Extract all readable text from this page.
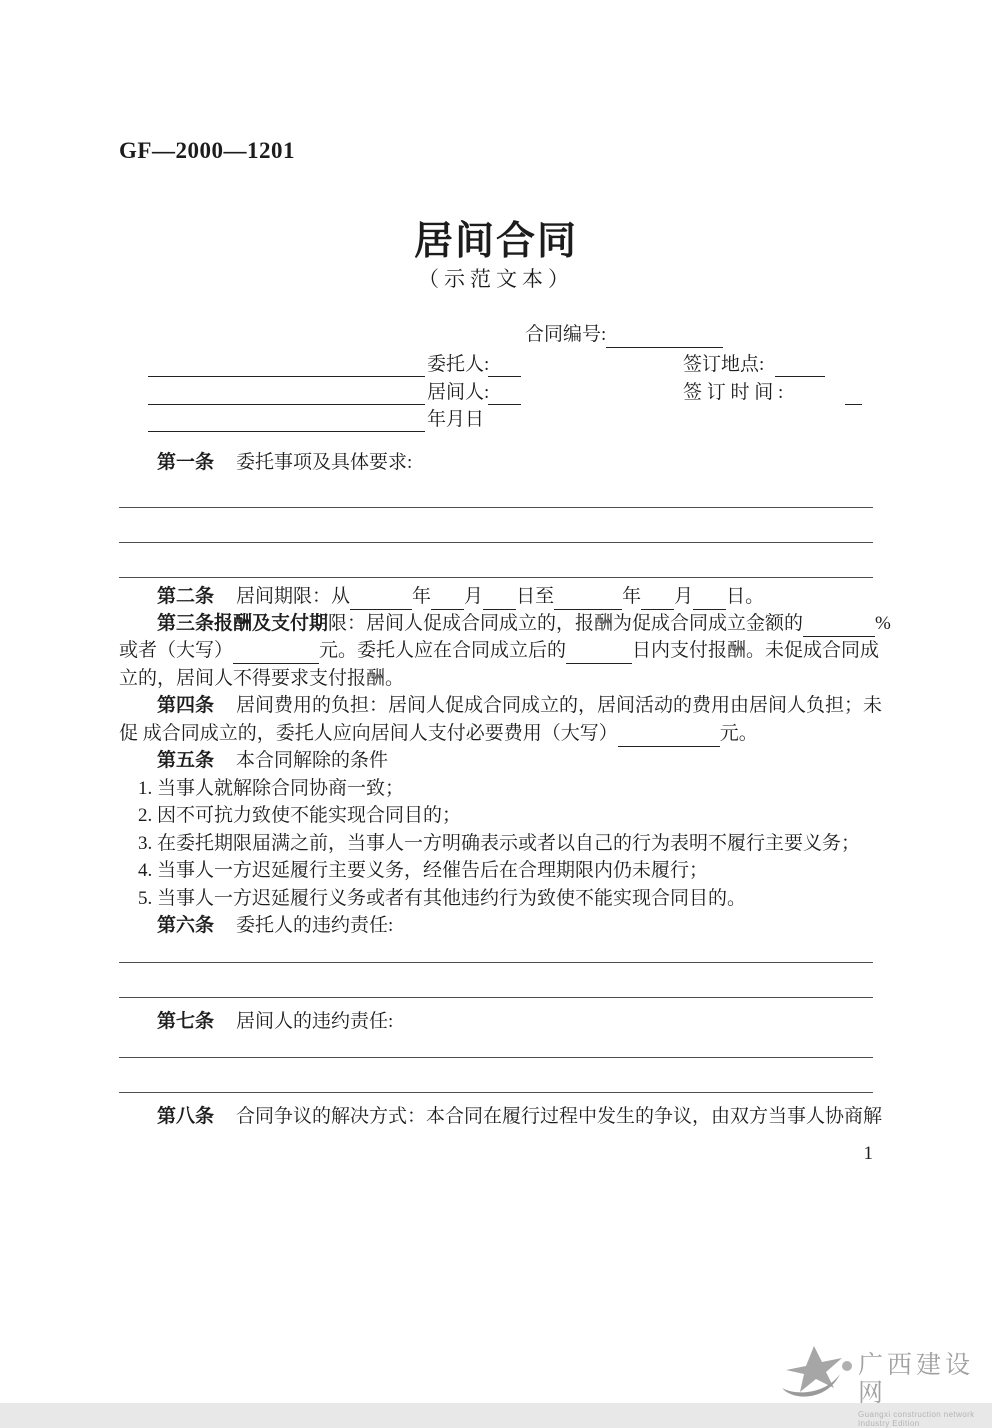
GF—2000—1201
居间合同
（示范文本）
合同编号:
委托人:	签订地点:
居间人:	签 订 时 间 :
年月日
第一条 委托事项及具体要求:
第二条 居间期限：从	年 月 日至	年 月 日。
第三条报酬及支付期 限：居间人促成合同成立的，报酬为促成合同成立金额的	%
或者（大写）	元。委托人应在合同成立后的	日内支付报酬。未促成合同成
立的，居间人不得要求支付报酬。
第四条 居间费用的负担：居间人促成合同成立的，居间活动的费用由居间人负担；未
促 成合同成立的，委托人应向居间人支付必要费用（大写）	元。
第五条 本合同解除的条件
1. 当事人就解除合同协商一致；
2. 因不可抗力致使不能实现合同目的；
3. 在委托期限届满之前，当事人一方明确表示或者以自己的行为表明不履行主要义务；
4. 当事人一方迟延履行主要义务，经催告后在合理期限内仍未履行；
5. 当事人一方迟延履行义务或者有其他违约行为致使不能实现合同目的。
第六条 委托人的违约责任:
第七条 居间人的违约责任:
第八条 合同争议的解决方式：本合同在履行过程中发生的争议，由双方当事人协商解
1
广西建设网
Guangxi construction network Industry Edition
